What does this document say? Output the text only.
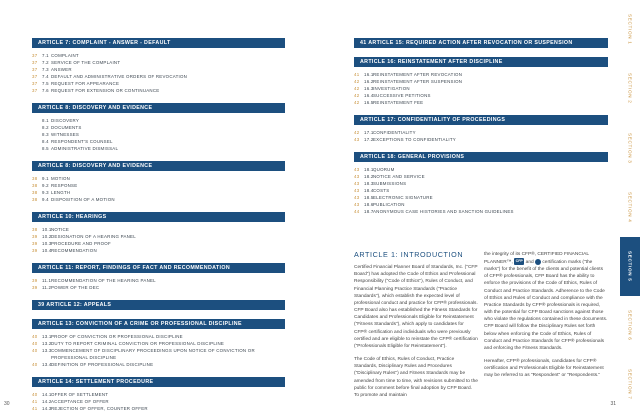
ARTICLE 7: COMPLAINT - ANSWER - DEFAULT
37	7.1 COMPLAINT
37	7.2 SERVICE OF THE COMPLAINT
37	7.3 ANSWER
37	7.4 DEFAULT AND ADMINISTRATIVE ORDERS OF REVOCATION
37	7.5 REQUEST FOR APPEARANCE
37	7.6 REQUEST FOR EXTENSION OR CONTINUANCE
ARTICLE 8: DISCOVERY AND EVIDENCE
8.1 DISCOVERY
8.2 DOCUMENTS
8.3 WITNESSES
8.4 RESPONDENT'S COUNSEL
8.5 ADMINISTRATIVE DISMISSAL
ARTICLE 8: DISCOVERY AND EVIDENCE
38	9.1 MOTION
38	9.2 RESPONSE
38	9.3 LENGTH
38	9.4 DISPOSITION OF A MOTION
ARTICLE 10: HEARINGS
38	10.1 NOTICE
39	10.2 DESIGNATION OF A HEARING PANEL
39	10.3 PROCEDURE AND PROOF
39	10.4 RECOMMENDATION
ARTICLE 11: REPORT, FINDINGS OF FACT AND RECOMMENDATION
39	11.1 RECOMMENDATION OF THE HEARING PANEL
39	11.2 POWER OF THE DEC
39 ARTICLE 12: APPEALS
ARTICLE 13: CONVICTION OF A CRIME OR PROFESSIONAL DISCIPLINE
40	13.1 PROOF OF CONVICTION OR PROFESSIONAL DISCIPLINE
40	13.2 DUTY TO REPORT CRIMINAL CONVICTION OR PROFESSIONAL DISCIPLINE
40	13.3 COMMENCEMENT OF DISCIPLINARY PROCEEDINGS UPON NOTICE OF CONVICTION OR PROFESSIONAL DISCIPLINE
40	13.4 DEFINITION OF PROFESSIONAL DISCIPLINE
ARTICLE 14: SETTLEMENT PROCEDURE
40	14.1 OFFER OF SETTLEMENT
41	14.2 ACCEPTANCE OF OFFER
41	14.3 REJECTION OF OFFER, COUNTER OFFER
41 ARTICLE 15: REQUIRED ACTION AFTER REVOCATION OR SUSPENSION
ARTICLE 16: REINSTATEMENT AFTER DISCIPLINE
41	16.1 REINSTATEMENT AFTER REVOCATION
42	16.2 REINSTATEMENT AFTER SUSPENSION
42	16.3 INVESTIGATION
42	16.4 SUCCESSIVE PETITIONS
42	16.5 REINSTATEMENT FEE
ARTICLE 17: CONFIDENTIALITY OF PROCEEDINGS
42	17.1 CONFIDENTIALITY
43	17.2 EXCEPTIONS TO CONFIDENTIALITY
ARTICLE 18: GENERAL PROVISIONS
43	18.1 QUORUM
43	18.2 NOTICE AND SERVICE
43	18.3 SUBMISSIONS
43	18.4 COSTS
43	18.5 ELECTRONIC SIGNATURE
43	18.6 PUBLICATION
44	18.7 ANONYMOUS CASE HISTORIES AND SANCTION GUIDELINES
ARTICLE 1: INTRODUCTION

Certified Financial Planner Board of Standards, Inc. ("CFP Board") has adopted the Code of Ethics and Professional Responsibility ("Code of Ethics"), Rules of Conduct, and Financial Planning Practice Standards ("Practice Standards"), which establish the expected level of professional conduct and practice for CFP® professionals. CFP Board also has established the Fitness Standards for Candidates and Professionals Eligible for Reinstatement ("Fitness Standards"), which apply to candidates for CFP® certification and individuals who were previously certified and are eligible to reinstate the CFP® certification ("Professionals Eligible for Reinstatement").

The Code of Ethics, Rules of Conduct, Practice Standards, Disciplinary Rules and Procedures ("Disciplinary Rules") and Fitness Standards may be amended from time to time, with revisions submitted to the public for comment before final adoption by CFP Board. To promote and maintain

the integrity of its CFP®, CERTIFIED FINANCIAL PLANNER™, CFP and certification marks ("the marks") for the benefit of the clients and potential clients of CFP® professionals, CFP Board has the ability to enforce the provisions of the Code of Ethics, Rules of Conduct and Practice Standards. Adherence to the Code of Ethics and Rules of Conduct and compliance with the Practice Standards by CFP® professionals is required, with the potential for CFP Board sanctions against those who violate the regulations contained in these documents. CFP Board will follow the Disciplinary Rules set forth below when enforcing the Code of Ethics, Rules of Conduct and Practice Standards for CFP® professionals and enforcing the Fitness Standards.

Hereafter, CFP® professionals, candidates for CFP® certification and Professionals Eligible for Reinstatement may be referred to as "Respondent" or "Respondents."

SECTION 1
SECTION 2
SECTION 3
SECTION 4
SECTION 5
SECTION 6
SECTION 7
30	31
